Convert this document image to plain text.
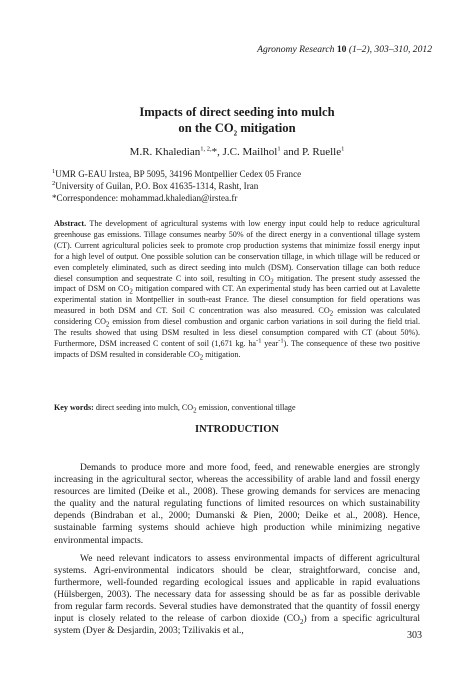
Agronomy Research 10 (1–2), 303–310, 2012
Impacts of direct seeding into mulch
on the $CO_2$ mitigation
M.R. Khaledian$^{1, 2,}$*, J.C. Mailhol$^1$ and P. Ruelle$^1$
$^1$UMR G-EAU Irstea, BP 5095, 34196 Montpellier Cedex 05 France
$^2$University of Guilan, P.O. Box 41635-1314, Rasht, Iran
*Correspondence: mohammad.khaledian@irstea.fr
Abstract. The development of agricultural systems with low energy input could help to reduce agricultural greenhouse gas emissions. Tillage consumes nearby 50% of the direct energy in a conventional tillage system (CT). Current agricultural policies seek to promote crop production systems that minimize fossil energy input for a high level of output. One possible solution can be conservation tillage, in which tillage will be reduced or even completely eliminated, such as direct seeding into mulch (DSM). Conservation tillage can both reduce diesel consumption and sequestrate C into soil, resulting in $CO_2$ mitigation. The present study assessed the impact of DSM on $CO_2$ mitigation compared with CT. An experimental study has been carried out at Lavalette experimental station in Montpellier in south-east France. The diesel consumption for field operations was measured in both DSM and CT. Soil C concentration was also measured. $CO_2$ emission was calculated considering $CO_2$ emission from diesel combustion and organic carbon variations in soil during the field trial. The results showed that using DSM resulted in less diesel consumption compared with CT (about 50%). Furthermore, DSM increased C content of soil (1,671 kg. $ha^{-1}$ year$^{-1}$). The consequence of these two positive impacts of DSM resulted in considerable $CO_2$ mitigation.
Key words: direct seeding into mulch, $CO_2$ emission, conventional tillage
INTRODUCTION

Demands to produce more and more food, feed, and renewable energies are strongly increasing in the agricultural sector, whereas the accessibility of arable land and fossil energy resources are limited (Deike et al., 2008). These growing demands for services are menacing the quality and the natural regulating functions of limited resources on which sustainability depends (Bindraban et al., 2000; Dumanski & Pien, 2000; Deike et al., 2008). Hence, sustainable farming systems should achieve high production while minimizing negative environmental impacts.

We need relevant indicators to assess environmental impacts of different agricultural systems. Agri-environmental indicators should be clear, straightforward, concise and, furthermore, well-founded regarding ecological issues and applicable in rapid evaluations (Hülsbergen, 2003). The necessary data for assessing should be as far as possible derivable from regular farm records. Several studies have demonstrated that the quantity of fossil energy input is closely related to the release of carbon dioxide $(CO_2)$ from a specific agricultural system (Dyer & Desjardin, 2003; Tzilivakis et al.,	303
